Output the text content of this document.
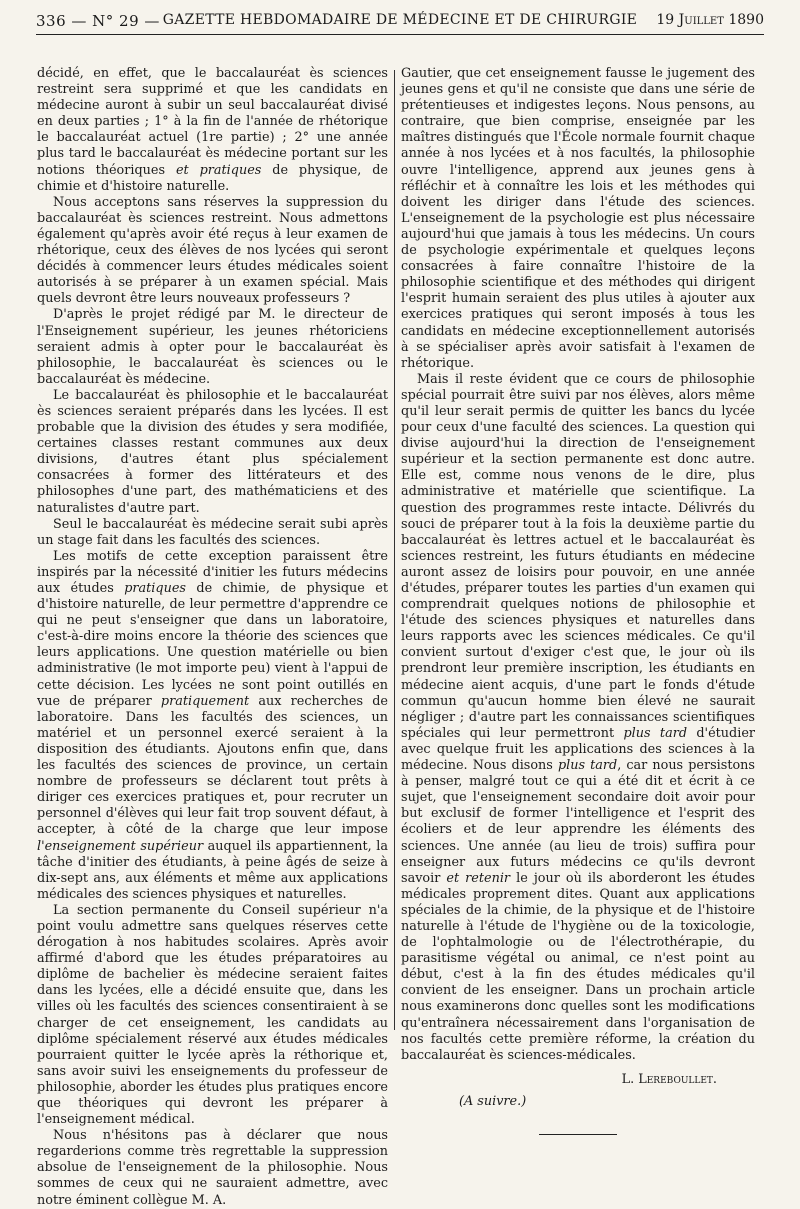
336 — N° 29 — GAZETTE HEBDOMADAIRE DE MÉDECINE ET DE CHIRURGIE	19 Juillet 1890

décidé, en effet, que le baccalauréat ès sciences restreint sera supprimé et que les candidats en médecine auront à subir un seul baccalauréat divisé en deux parties ; 1° à la fin de l'année de rhétorique le baccalauréat actuel (1re partie) ; 2° une année plus tard le baccalauréat ès médecine portant sur les notions théoriques et pratiques de physique, de chimie et d'histoire naturelle.

Nous acceptons sans réserves la suppression du baccalauréat ès sciences restreint. Nous admettons également qu'après avoir été reçus à leur examen de rhétorique, ceux des élèves de nos lycées qui seront décidés à commencer leurs études médicales soient autorisés à se préparer à un examen spécial. Mais quels devront être leurs nouveaux professeurs ?

D'après le projet rédigé par M. le directeur de l'Enseignement supérieur, les jeunes rhétoriciens seraient admis à opter pour le baccalauréat ès philosophie, le baccalauréat ès sciences ou le baccalauréat ès médecine.

Le baccalauréat ès philosophie et le baccalauréat ès sciences seraient préparés dans les lycées. Il est probable que la division des études y sera modifiée, certaines classes restant communes aux deux divisions, d'autres étant plus spécialement consacrées à former des littérateurs et des philosophes d'une part, des mathématiciens et des naturalistes d'autre part.

Seul le baccalauréat ès médecine serait subi après un stage fait dans les facultés des sciences.

Les motifs de cette exception paraissent être inspirés par la nécessité d'initier les futurs médecins aux études pratiques de chimie, de physique et d'histoire naturelle, de leur permettre d'apprendre ce qui ne peut s'enseigner que dans un laboratoire, c'est-à-dire moins encore la théorie des sciences que leurs applications. Une question matérielle ou bien administrative (le mot importe peu) vient à l'appui de cette décision. Les lycées ne sont point outillés en vue de préparer pratiquement aux recherches de laboratoire. Dans les facultés des sciences, un matériel et un personnel exercé seraient à la disposition des étudiants. Ajoutons enfin que, dans les facultés des sciences de province, un certain nombre de professeurs se déclarent tout prêts à diriger ces exercices pratiques et, pour recruter un personnel d'élèves qui leur fait trop souvent défaut, à accepter, à côté de la charge que leur impose l'enseignement supérieur auquel ils appartiennent, la tâche d'initier des étudiants, à peine âgés de seize à dix-sept ans, aux éléments et même aux applications médicales des sciences physiques et naturelles.

La section permanente du Conseil supérieur n'a point voulu admettre sans quelques réserves cette dérogation à nos habitudes scolaires. Après avoir affirmé d'abord que les études préparatoires au diplôme de bachelier ès médecine seraient faites dans les lycées, elle a décidé ensuite que, dans les villes où les facultés des sciences consentiraient à se charger de cet enseignement, les candidats au diplôme spécialement réservé aux études médicales pourraient quitter le lycée après la réthorique et, sans avoir suivi les enseignements du professeur de philosophie, aborder les études plus pratiques encore que théoriques qui devront les préparer à l'enseignement médical.

Nous n'hésitons pas à déclarer que nous regarderions comme très regrettable la suppression absolue de l'enseignement de la philosophie. Nous sommes de ceux qui ne sauraient admettre, avec notre éminent collègue M. A.

Gautier, que cet enseignement fausse le jugement des jeunes gens et qu'il ne consiste que dans une série de prétentieuses et indigestes leçons. Nous pensons, au contraire, que bien comprise, enseignée par les maîtres distingués que l'École normale fournit chaque année à nos lycées et à nos facultés, la philosophie ouvre l'intelligence, apprend aux jeunes gens à réfléchir et à connaître les lois et les méthodes qui doivent les diriger dans l'étude des sciences. L'enseignement de la psychologie est plus nécessaire aujourd'hui que jamais à tous les médecins. Un cours de psychologie expérimentale et quelques leçons consacrées à faire connaître l'histoire de la philosophie scientifique et des méthodes qui dirigent l'esprit humain seraient des plus utiles à ajouter aux exercices pratiques qui seront imposés à tous les candidats en médecine exceptionnellement autorisés à se spécialiser après avoir satisfait à l'examen de rhétorique.

Mais il reste évident que ce cours de philosophie spécial pourrait être suivi par nos élèves, alors même qu'il leur serait permis de quitter les bancs du lycée pour ceux d'une faculté des sciences. La question qui divise aujourd'hui la direction de l'enseignement supérieur et la section permanente est donc autre. Elle est, comme nous venons de le dire, plus administrative et matérielle que scientifique. La question des programmes reste intacte. Délivrés du souci de préparer tout à la fois la deuxième partie du baccalauréat ès lettres actuel et le baccalauréat ès sciences restreint, les futurs étudiants en médecine auront assez de loisirs pour pouvoir, en une année d'études, préparer toutes les parties d'un examen qui comprendrait quelques notions de philosophie et l'étude des sciences physiques et naturelles dans leurs rapports avec les sciences médicales. Ce qu'il convient surtout d'exiger c'est que, le jour où ils prendront leur première inscription, les étudiants en médecine aient acquis, d'une part le fonds d'étude commun qu'aucun homme bien élevé ne saurait négliger ; d'autre part les connaissances scientifiques spéciales qui leur permettront plus tard d'étudier avec quelque fruit les applications des sciences à la médecine. Nous disons plus tard, car nous persistons à penser, malgré tout ce qui a été dit et écrit à ce sujet, que l'enseignement secondaire doit avoir pour but exclusif de former l'intelligence et l'esprit des écoliers et de leur apprendre les éléments des sciences. Une année (au lieu de trois) suffira pour enseigner aux futurs médecins ce qu'ils devront savoir et retenir le jour où ils aborderont les études médicales proprement dites. Quant aux applications spéciales de la chimie, de la physique et de l'histoire naturelle à l'étude de l'hygiène ou de la toxicologie, de l'ophtalmologie ou de l'électrothérapie, du parasitisme végétal ou animal, ce n'est point au début, c'est à la fin des études médicales qu'il convient de les enseigner. Dans un prochain article nous examinerons donc quelles sont les modifications qu'entraînera nécessairement dans l'organisation de nos facultés cette première réforme, la création du baccalauréat ès sciences-médicales.

L. Lereboullet.
(A suivre.)
